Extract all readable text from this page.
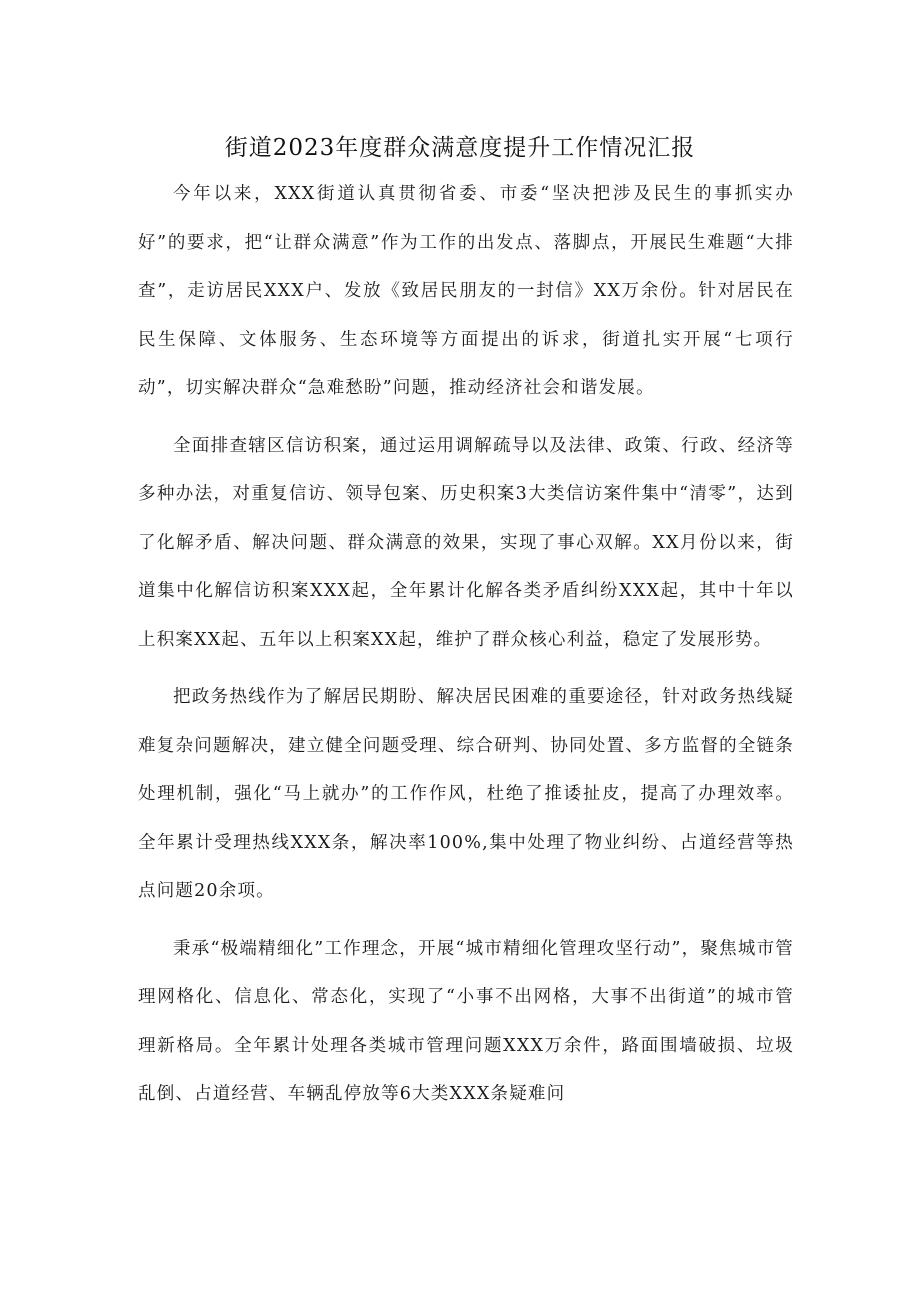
街道2023年度群众满意度提升工作情况汇报

今年以来，XXX街道认真贯彻省委、市委“坚决把涉及民生的事抓实办好”的要求，把“让群众满意”作为工作的出发点、落脚点，开展民生难题“大排查”，走访居民XXX户、发放《致居民朋友的一封信》XX万余份。针对居民在民生保障、文体服务、生态环境等方面提出的诉求，街道扎实开展“七项行动”，切实解决群众“急难愁盼”问题，推动经济社会和谐发展。

全面排查辖区信访积案，通过运用调解疏导以及法律、政策、行政、经济等多种办法，对重复信访、领导包案、历史积案3大类信访案件集中“清零”，达到了化解矛盾、解决问题、群众满意的效果，实现了事心双解。XX月份以来，街道集中化解信访积案XXX起，全年累计化解各类矛盾纠纷XXX起，其中十年以上积案XX起、五年以上积案XX起，维护了群众核心利益，稳定了发展形势。

把政务热线作为了解居民期盼、解决居民困难的重要途径，针对政务热线疑难复杂问题解决，建立健全问题受理、综合研判、协同处置、多方监督的全链条处理机制，强化“马上就办”的工作作风，杜绝了推诿扯皮，提高了办理效率。全年累计受理热线XXX条，解决率100%,集中处理了物业纠纷、占道经营等热点问题20余项。

秉承“极端精细化”工作理念，开展“城市精细化管理攻坚行动”，聚焦城市管理网格化、信息化、常态化，实现了“小事不出网格，大事不出街道”的城市管理新格局。全年累计处理各类城市管理问题XXX万余件，路面围墙破损、垃圾乱倒、占道经营、车辆乱停放等6大类XXX条疑难问
